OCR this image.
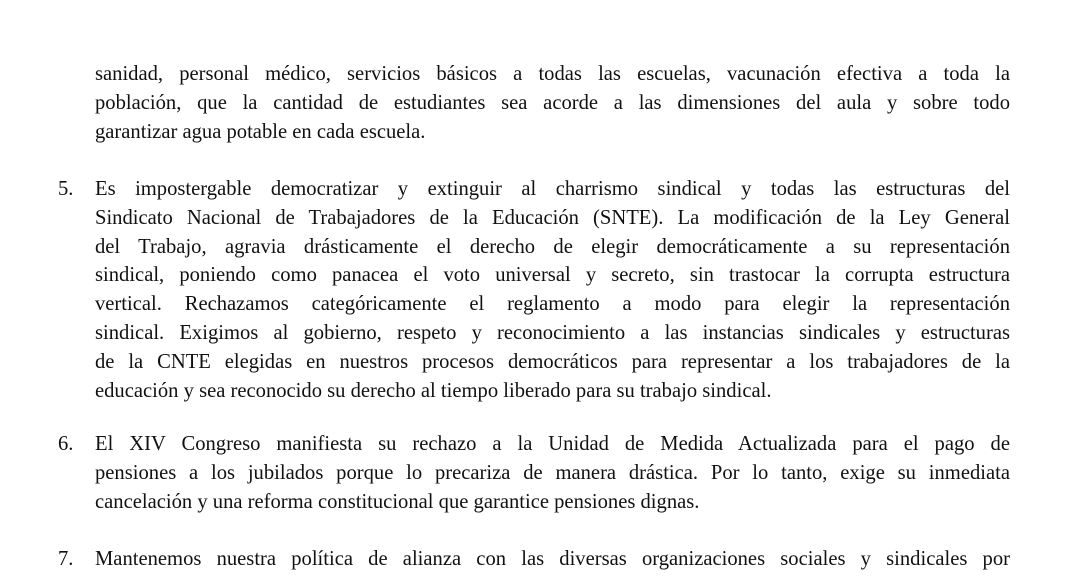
sanidad, personal médico, servicios básicos a todas las escuelas, vacunación efectiva a toda la
población, que la cantidad de estudiantes sea acorde a las dimensiones del aula y sobre todo
garantizar agua potable en cada escuela.

5. Es impostergable democratizar y extinguir al charrismo sindical y todas las estructuras del
Sindicato Nacional de Trabajadores de la Educación (SNTE). La modificación de la Ley General
del Trabajo, agravia drásticamente el derecho de elegir democráticamente a su representación
sindical, poniendo como panacea el voto universal y secreto, sin trastocar la corrupta estructura
vertical. Rechazamos categóricamente el reglamento a modo para elegir la representación
sindical. Exigimos al gobierno, respeto y reconocimiento a las instancias sindicales y estructuras
de la CNTE elegidas en nuestros procesos democráticos para representar a los trabajadores de la
educación y sea reconocido su derecho al tiempo liberado para su trabajo sindical.

6. El XIV Congreso manifiesta su rechazo a la Unidad de Medida Actualizada para el pago de
pensiones a los jubilados porque lo precariza de manera drástica. Por lo tanto, exige su inmediata
cancelación y una reforma constitucional que garantice pensiones dignas.

7. Mantenemos nuestra política de alianza con las diversas organizaciones sociales y sindicales por
